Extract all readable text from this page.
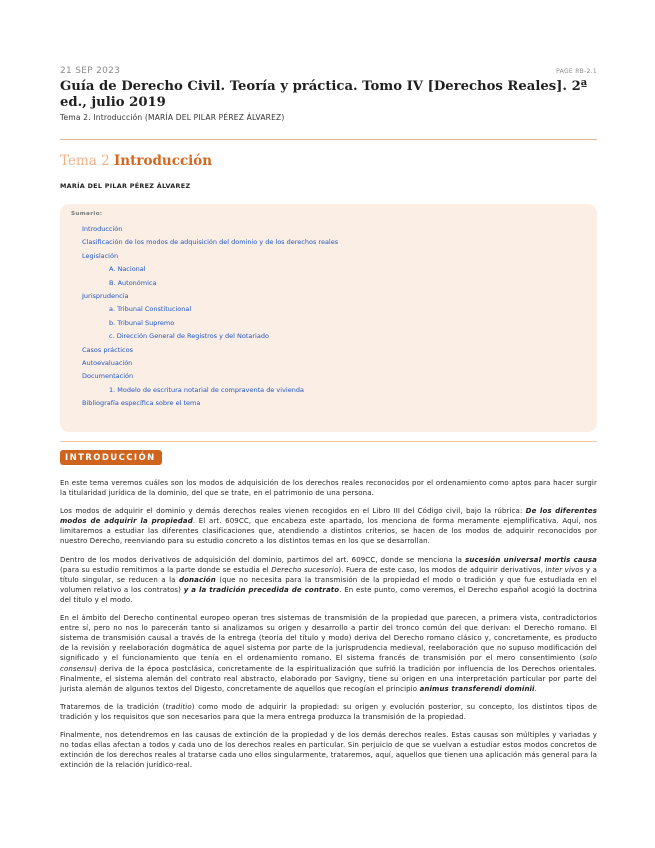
21 SEP 2023	PAGE RB-2.1
Guía de Derecho Civil. Teoría y práctica. Tomo IV [Derechos Reales]. 2ª ed., julio 2019
Tema 2. Introducción (MARÍA DEL PILAR PÉREZ ÁLVAREZ)
Tema 2 Introducción
MARÍA DEL PILAR PÉREZ ÁLVAREZ
Sumario:
Introducción
Clasificación de los modos de adquisición del dominio y de los derechos reales
Legislación
A. Nacional
B. Autonómica
Jurisprudencia
a. Tribunal Constitucional
b. Tribunal Supremo
c. Dirección General de Registros y del Notariado
Casos prácticos
Autoevaluación
Documentación
1. Modelo de escritura notarial de compraventa de vivienda
Bibliografía específica sobre el tema
INTRODUCCIÓN

En este tema veremos cuáles son los modos de adquisición de los derechos reales reconocidos por el ordenamiento como aptos para hacer surgir la titularidad jurídica de la dominio, del que se trate, en el patrimonio de una persona.

Los modos de adquirir el dominio y demás derechos reales vienen recogidos en el Libro III del Código civil, bajo la rúbrica: De los diferentes modos de adquirir la propiedad. El art. 609CC, que encabeza este apartado, los menciona de forma meramente ejemplificativa. Aquí, nos limitaremos a estudiar las diferentes clasificaciones que, atendiendo a distintos criterios, se hacen de los modos de adquirir reconocidos por nuestro Derecho, reenviando para su estudio concreto a los distintos temas en los que se desarrollan.

Dentro de los modos derivativos de adquisición del dominio, partimos del art. 609CC, donde se menciona la sucesión universal mortis causa (para su estudio remitimos a la parte donde se estudia el Derecho sucesorio). Fuera de este caso, los modos de adquirir derivativos, inter vivos y a título singular, se reducen a la donación (que no necesita para la transmisión de la propiedad el modo o tradición y que fue estudiada en el volumen relativo a los contratos) y a la tradición precedida de contrato. En este punto, como veremos, el Derecho español acogió la doctrina del título y el modo.

En el ámbito del Derecho continental europeo operan tres sistemas de transmisión de la propiedad que parecen, a primera vista, contradictorios entre sí, pero no nos lo parecerán tanto si analizamos su origen y desarrollo a partir del tronco común del que derivan: el Derecho romano. El sistema de transmisión causal a través de la entrega (teoría del título y modo) deriva del Derecho romano clásico y, concretamente, es producto de la revisión y reelaboración dogmática de aquel sistema por parte de la jurisprudencia medieval, reelaboración que no supuso modificación del significado y el funcionamiento que tenía en el ordenamiento romano. El sistema francés de transmisión por el mero consentimiento (solo consensu) deriva de la época postclásica, concretamente de la espiritualización que sufrió la tradición por influencia de los Derechos orientales. Finalmente, el sistema alemán del contrato real abstracto, elaborado por Savigny, tiene su origen en una interpretación particular por parte del jurista alemán de algunos textos del Digesto, concretamente de aquellos que recogían el principio animus transferendi dominii.

Trataremos de la tradición (traditio) como modo de adquirir la propiedad: su origen y evolución posterior, su concepto, los distintos tipos de tradición y los requisitos que son necesarios para que la mera entrega produzca la transmisión de la propiedad.

Finalmente, nos detendremos en las causas de extinción de la propiedad y de los demás derechos reales. Estas causas son múltiples y variadas y no todas ellas afectan a todos y cada uno de los derechos reales en particular. Sin perjuicio de que se vuelvan a estudiar estos modos concretos de extinción de los derechos reales al tratarse cada uno ellos singularmente, trataremos, aquí, aquellos que tienen una aplicación más general para la extinción de la relación jurídico-real.
